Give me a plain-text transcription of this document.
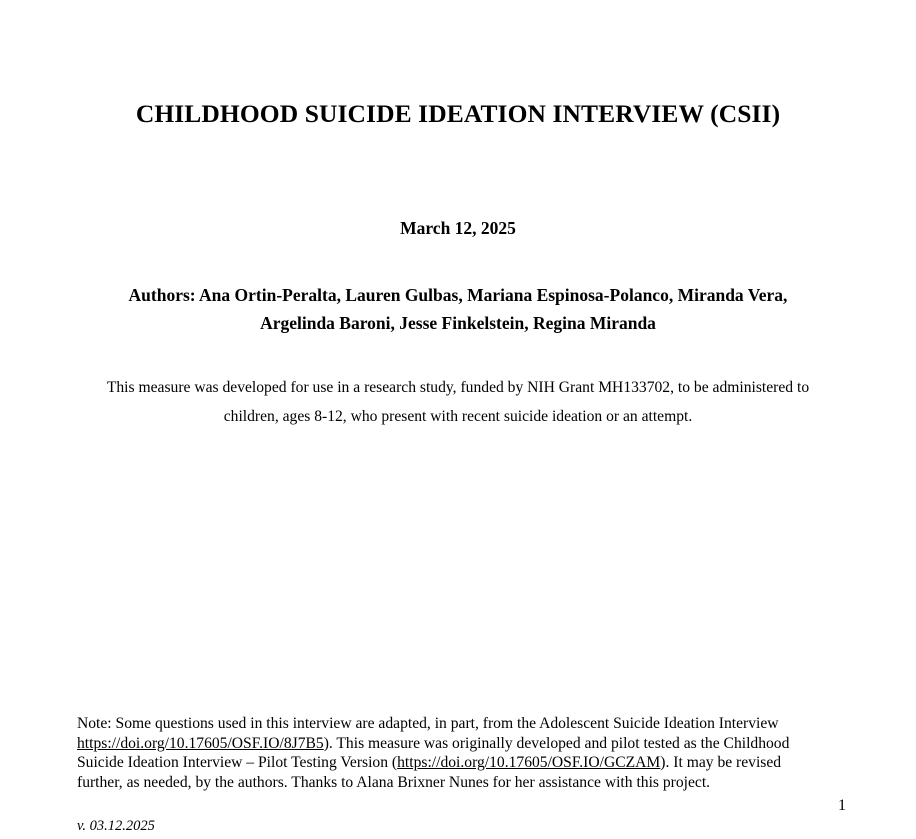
CHILDHOOD SUICIDE IDEATION INTERVIEW (CSII)
March 12, 2025
Authors: Ana Ortin-Peralta, Lauren Gulbas, Mariana Espinosa-Polanco, Miranda Vera,
Argelinda Baroni, Jesse Finkelstein, Regina Miranda
This measure was developed for use in a research study, funded by NIH Grant MH133702, to be administered to
children, ages 8-12, who present with recent suicide ideation or an attempt.
Note: Some questions used in this interview are adapted, in part, from the Adolescent Suicide Ideation Interview
https://doi.org/10.17605/OSF.IO/8J7B5). This measure was originally developed and pilot tested as the Childhood
Suicide Ideation Interview – Pilot Testing Version (https://doi.org/10.17605/OSF.IO/GCZAM). It may be revised
further, as needed, by the authors. Thanks to Alana Brixner Nunes for her assistance with this project.
1
v. 03.12.2025
